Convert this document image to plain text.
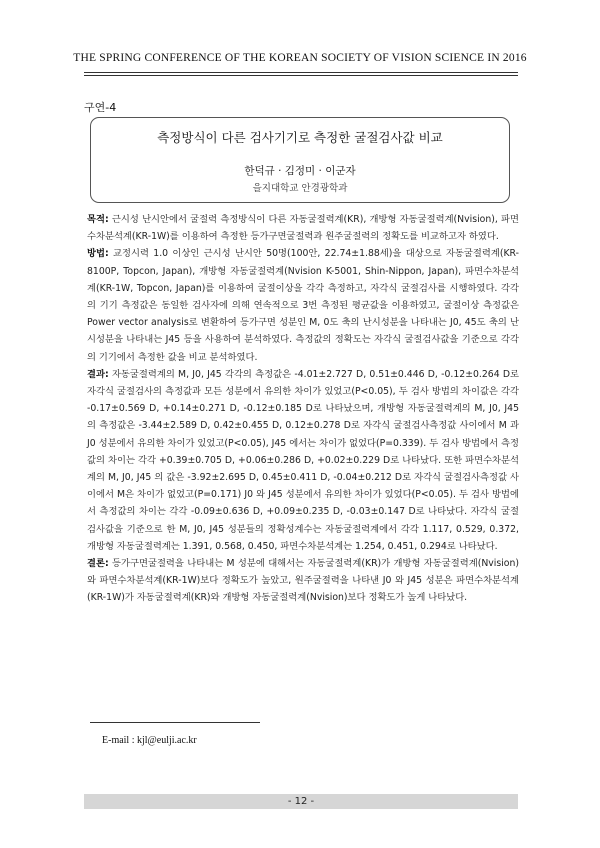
THE SPRING CONFERENCE OF THE KOREAN SOCIETY OF VISION SCIENCE IN 2016
구연-4
측정방식이 다른 검사기기로 측정한 굴절검사값 비교
한덕규 · 김정미 · 이군자
을지대학교 안경광학과

목적: 근시성 난시안에서 굴절력 측정방식이 다른 자동굴절력계(KR), 개방형 자동굴절력계(Nvision), 파면수차분석계(KR-1W)를 이용하여 측정한 등가구면굴절력과 원주굴절력의 정확도를 비교하고자 하였다.

방법: 교정시력 1.0 이상인 근시성 난시안 50명(100안, 22.74±1.88세)을 대상으로 자동굴절력계(KR-8100P, Topcon, Japan), 개방형 자동굴절력계(Nvision K-5001, Shin-Nippon, Japan), 파면수차분석계(KR-1W, Topcon, Japan)를 이용하여 굴절이상을 각각 측정하고, 자각식 굴절검사를 시행하였다. 각각의 기기 측정값은 동일한 검사자에 의해 연속적으로 3번 측정된 평균값을 이용하였고, 굴절이상 측정값은 Power vector analysis로 변환하여 등가구면 성분인 M, 0도 축의 난시성분을 나타내는 J0, 45도 축의 난시성분을 나타내는 J45 등을 사용하여 분석하였다. 측정값의 정확도는 자각식 굴절검사값을 기준으로 각각의 기기에서 측정한 값을 비교 분석하였다.

결과: 자동굴절력계의 M, J0, J45 각각의 측정값은 -4.01±2.727 D, 0.51±0.446 D, -0.12±0.264 D로 자각식 굴절검사의 측정값과 모든 성분에서 유의한 차이가 있었고(P<0.05), 두 검사 방법의 차이값은 각각 -0.17±0.569 D, +0.14±0.271 D, -0.12±0.185 D로 나타났으며, 개방형 자동굴절력계의 M, J0, J45 의 측정값은 -3.44±2.589 D, 0.42±0.455 D, 0.12±0.278 D로 자각식 굴절검사측정값 사이에서 M 과 J0 성분에서 유의한 차이가 있었고(P<0.05), J45 에서는 차이가 없었다(P=0.339). 두 검사 방법에서 측정값의 차이는 각각 +0.39±0.705 D, +0.06±0.286 D, +0.02±0.229 D로 나타났다. 또한 파면수차분석계의 M, J0, J45 의 값은 -3.92±2.695 D, 0.45±0.411 D, -0.04±0.212 D로 자각식 굴절검사측정값 사이에서 M은 차이가 없었고(P=0.171) J0 와 J45 성분에서 유의한 차이가 있었다(P<0.05). 두 검사 방법에서 측정값의 차이는 각각 -0.09±0.636 D, +0.09±0.235 D, -0.03±0.147 D로 나타났다. 자각식 굴절검사값을 기준으로 한 M, J0, J45 성분들의 정확성계수는 자동굴절력계에서 각각 1.117, 0.529, 0.372, 개방형 자동굴절력계는 1.391, 0.568, 0.450, 파면수차분석계는 1.254, 0.451, 0.294로 나타났다.

결론: 등가구면굴절력을 나타내는 M 성분에 대해서는 자동굴절력계(KR)가 개방형 자동굴절력계(Nvision)와 파면수차분석계(KR-1W)보다 정확도가 높았고, 원주굴절력을 나타낸 J0 와 J45 성분은 파면수차분석계(KR-1W)가 자동굴절력계(KR)와 개방형 자동굴절력계(Nvision)보다 정확도가 높게 나타났다.

E-mail : kjl@eulji.ac.kr
- 12 -
